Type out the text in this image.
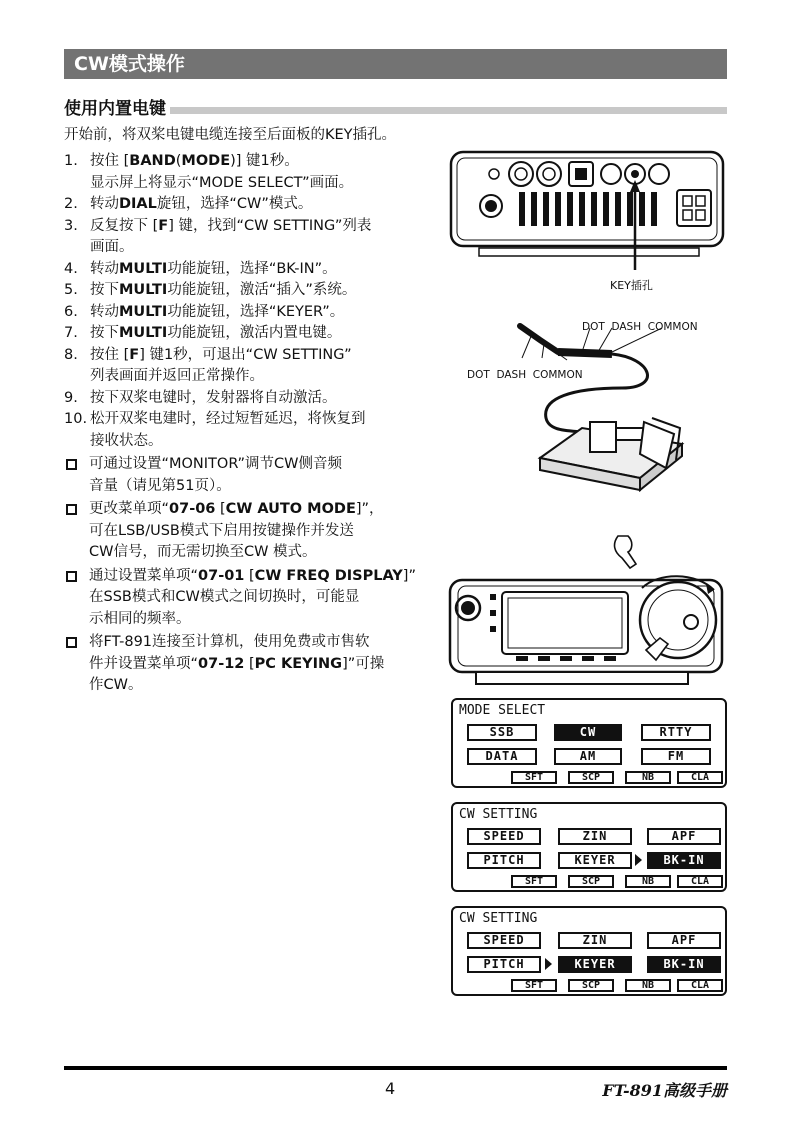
CW模式操作
使用内置电键
开始前，将双桨电键电缆连接至后面板的KEY插孔。
1. 按住 [BAND(MODE)] 键1秒。
显示屏上将显示“MODE SELECT”画面。
2. 转动DIAL旋钮，选择“CW”模式。
3. 反复按下 [F] 键，找到“CW SETTING”列表
画面。
4. 转动MULTI功能旋钮，选择“BK-IN”。
5. 按下MULTI功能旋钮，激活“插入”系统。
6. 转动MULTI功能旋钮，选择“KEYER”。
7. 按下MULTI功能旋钮，激活内置电键。
8. 按住 [F] 键1秒，可退出“CW SETTING”
列表画面并返回正常操作。
9. 按下双桨电键时，发射器将自动激活。
10. 松开双桨电建时，经过短暂延迟，将恢复到
接收状态。
可通过设置“MONITOR”调节CW侧音频
音量（请见第51页）。
更改菜单项“07-06 [CW AUTO MODE]”，
可在LSB/USB模式下启用按键操作并发送
CW信号，而无需切换至CW 模式。
通过设置菜单项“07-01 [CW FREQ DISPLAY]”
在SSB模式和CW模式之间切换时，可能显
示相同的频率。
将FT-891连接至计算机，使用免费或市售软
件并设置菜单项“07-12 [PC KEYING]”可操
作CW。
KEY插孔
DOT  DASH  COMMON
DOT  DASH  COMMON
MODE SELECT
SSB	CW	RTTY
DATA	AM	FM
SFT	SCP	NB	CLA
CW SETTING
SPEED	ZIN	APF
PITCH	KEYER	BK-IN
SFT	SCP	NB	CLA
CW SETTING
SPEED	ZIN	APF
PITCH	KEYER	BK-IN
SFT	SCP	NB	CLA
4	FT-891高级手册
